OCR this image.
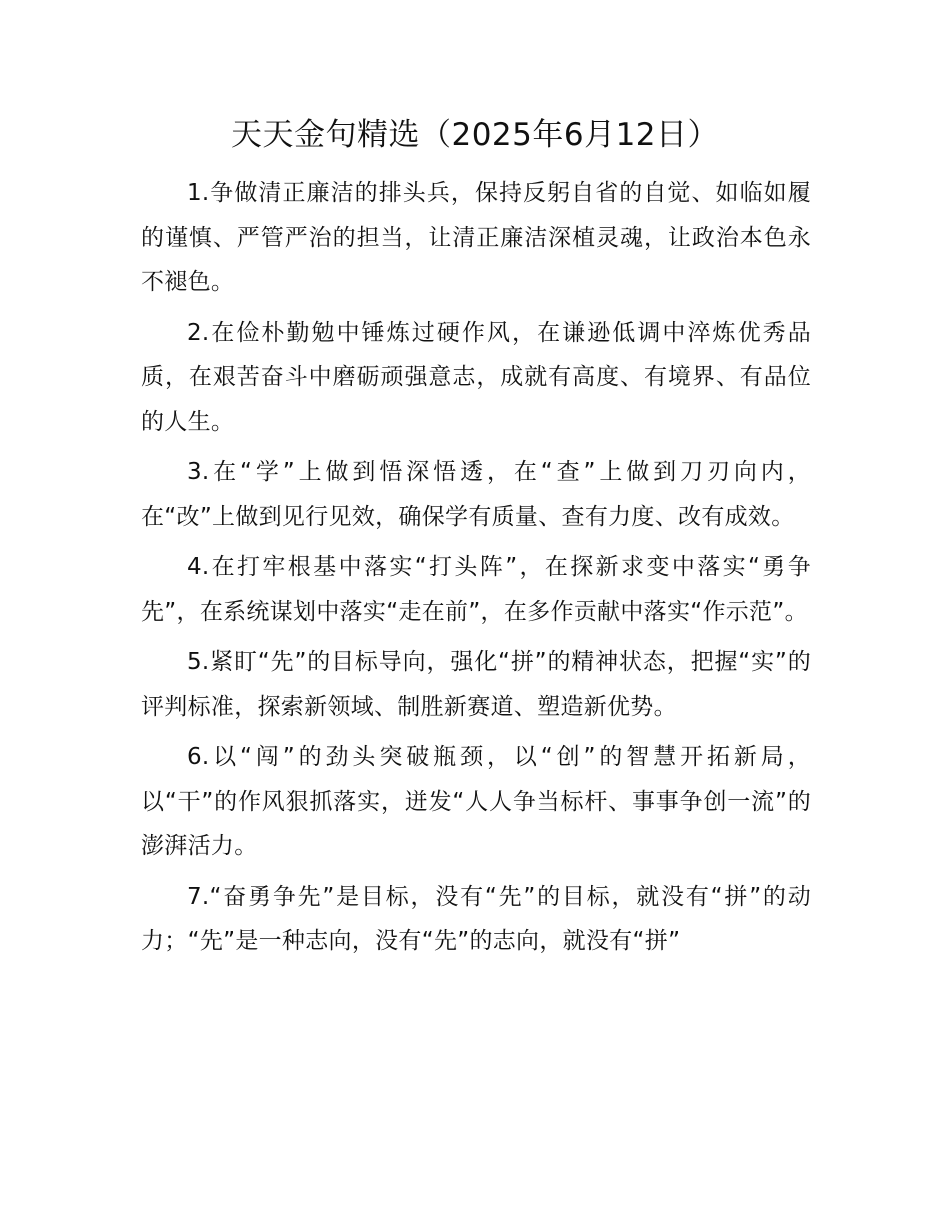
天天金句精选（2025年6月12日）

1.争做清正廉洁的排头兵，保持反躬自省的自觉、如临如履的谨慎、严管严治的担当，让清正廉洁深植灵魂，让政治本色永不褪色。

2.在俭朴勤勉中锤炼过硬作风，在谦逊低调中淬炼优秀品质，在艰苦奋斗中磨砺顽强意志，成就有高度、有境界、有品位的人生。

3.在“学”上做到悟深悟透，在“查”上做到刀刃向内，在“改”上做到见行见效，确保学有质量、查有力度、改有成效。

4.在打牢根基中落实“打头阵”，在探新求变中落实“勇争先”，在系统谋划中落实“走在前”，在多作贡献中落实“作示范”。

5.紧盯“先”的目标导向，强化“拼”的精神状态，把握“实”的评判标准，探索新领域、制胜新赛道、塑造新优势。

6.以“闯”的劲头突破瓶颈，以“创”的智慧开拓新局，以“干”的作风狠抓落实，迸发“人人争当标杆、事事争创一流”的澎湃活力。

7.“奋勇争先”是目标，没有“先”的目标，就没有“拼”的动力；“先”是一种志向，没有“先”的志向，就没有“拼”
